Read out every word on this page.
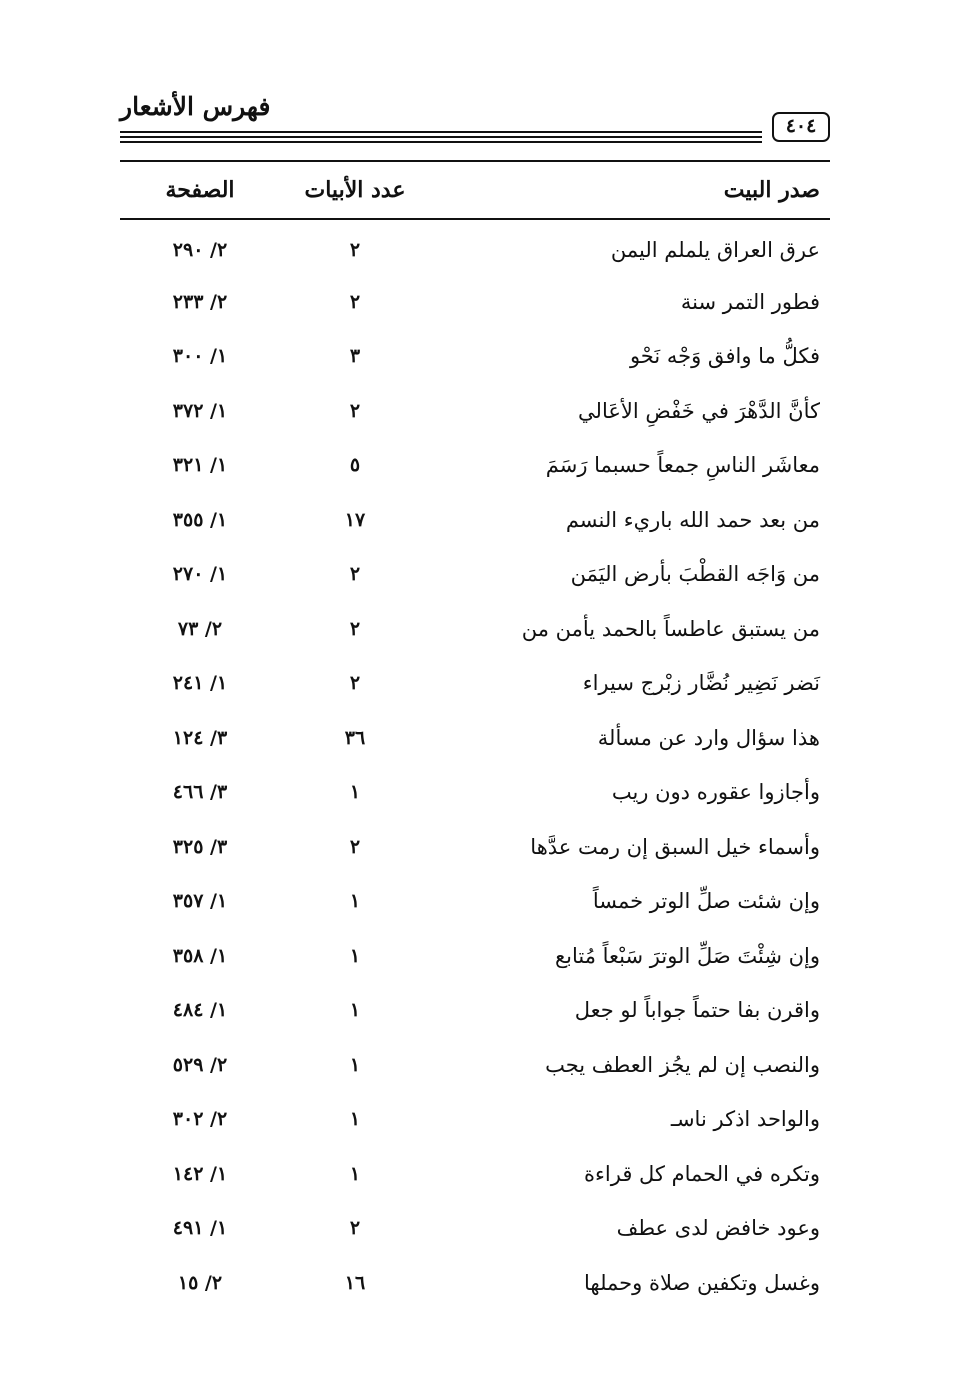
فهرس الأشعار
٤٠٤
صدر البيت
عدد الأبيات
الصفحة
عرق العراق يلملم اليمن
٢
٢/ ٢٩٠
فطور التمر سنة
٢
٢/ ٢٣٣
فكلُّ ما وافق وَجْه نَحْو
٣
١/ ٣٠٠
كأنَّ الدَّهْرَ في خَفْضِ الأعَالي
٢
١/ ٣٧٢
معاشَر الناسِ جمعاً حسبما رَسَمَ
٥
١/ ٣٢١
من بعد حمد الله باريء النسم
١٧
١/ ٣٥٥
من وَاجَه القطْبَ بأرض اليَمَن
٢
١/ ٢٧٠
من يستبق عاطساً بالحمد يأمن من
٢
٢/ ٧٣
نَضر نَضِير نُضَّار زبْرج سيراء
٢
١/ ٢٤١
هذا سؤال وارد عن مسألة
٣٦
٣/ ١٢٤
وأجازوا عقوره دون ريب
١
٣/ ٤٦٦
وأسماء خيل السبق إن رمت عدَّها
٢
٣/ ٣٢٥
وإن شئت صلِّ الوتر خمساً
١
١/ ٣٥٧
وإن شِئْتَ صَلِّ الوترَ سَبْعاً مُتابع
١
١/ ٣٥٨
واقرن بفا حتماً جواباً لو جعل
١
١/ ٤٨٤
والنصب إن لم يجُز العطف يجب
١
٢/ ٥٢٩
والواحد اذكر ناسـ
١
٢/ ٣٠٢
وتكره في الحمام كل قراءة
١
١/ ١٤٢
وعود خافض لدى عطف
٢
١/ ٤٩١
وغسل وتكفين صلاة وحملها
١٦
٢/ ١٥
